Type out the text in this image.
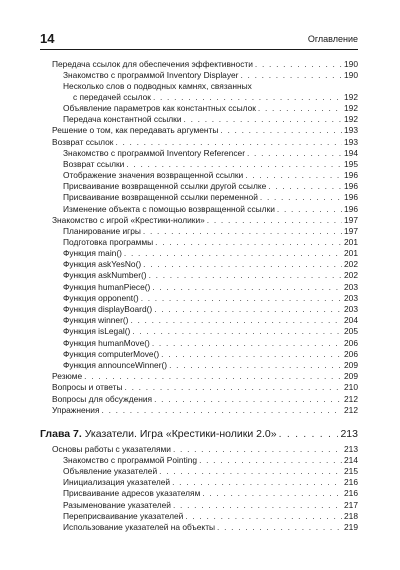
14	Оглавление
Передача ссылок для обеспечения эффективности . . .	190
Знакомство с программой Inventory Displayer . . .	190
Несколько слов о подводных камнях, связанных
с передачей ссылок . . .	192
Объявление параметров как константных ссылок . . .	192
Передача константной ссылки . . .	192
Решение о том, как передавать аргументы . . .	193
Возврат ссылок . . .	193
Знакомство с программой Inventory Referencer . . .	194
Возврат ссылки . . .	195
Отображение значения возвращенной ссылки . . .	196
Присваивание возвращенной ссылки другой ссылке . . .	196
Присваивание возвращенной ссылки переменной . . .	196
Изменение объекта с помощью возвращенной ссылки . . .	196
Знакомство с игрой «Крестики-нолики» . . .	197
Планирование игры . . .	197
Подготовка программы . . .	201
Функция main() . . .	201
Функция askYesNo() . . .	202
Функция askNumber() . . .	202
Функция humanPiece() . . .	203
Функция opponent() . . .	203
Функция displayBoard() . . .	203
Функция winner() . . .	204
Функция isLegal() . . .	205
Функция humanMove() . . .	206
Функция computerMove() . . .	206
Функция announceWinner() . . .	209
Резюме . . .	209
Вопросы и ответы . . .	210
Вопросы для обсуждения . . .	212
Упражнения . . .	212
Глава 7. Указатели. Игра «Крестики-нолики 2.0» . . .	213
Основы работы с указателями . . .	213
Знакомство с программой Pointing . . .	214
Объявление указателей . . .	215
Инициализация указателей . . .	216
Присваивание адресов указателям . . .	216
Разыменование указателей . . .	217
Переприсваивание указателей . . .	218
Использование указателей на объекты . . .	219
